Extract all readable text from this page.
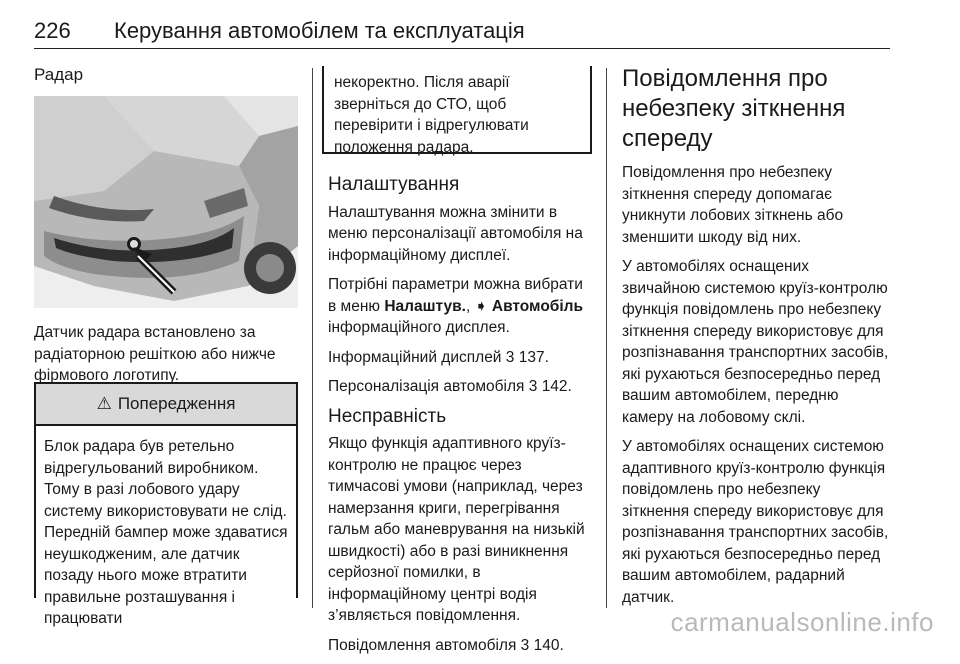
226 Керування автомобілем та експлуатація
Радар

Датчик радара встановлено за радіаторною решіткою або нижче фірмового логотипу.

⚠ Попередження
Блок радара був ретельно відрегульований виробником. Тому в разі лобового удару систему використовувати не слід. Передній бампер може здаватися неушкодженим, але датчик позаду нього може втратити правильне розташування і працювати
некоректно. Після аварії зверніться до СТО, щоб перевірити і відрегулювати положення радара.
Налаштування

Налаштування можна змінити в меню персоналізації автомобіля на інформаційному дисплеї.

Потрібні параметри можна вибрати в меню Налаштув., ➧ Автомобіль інформаційного дисплея.

Інформаційний дисплей 3 137.

Персоналізація автомобіля 3 142.

Несправність

Якщо функція адаптивного круїз-контролю не працює через тимчасові умови (наприклад, через намерзання криги, перегрівання гальм або маневрування на низькій швидкості) або в разі виникнення серйозної помилки, в інформаційному центрі водія з’являється повідомлення.

Повідомлення автомобіля 3 140.

Повідомлення про небезпеку зіткнення спереду

Повідомлення про небезпеку зіткнення спереду допомагає уникнути лобових зіткнень або зменшити шкоду від них.

У автомобілях оснащених звичайною системою круїз-контролю функція повідомлень про небезпеку зіткнення спереду використовує для розпізнавання транспортних засобів, які рухаються безпосередньо перед вашим автомобілем, передню камеру на лобовому склі.

У автомобілях оснащених системою адаптивного круїз-контролю функція повідомлень про небезпеку зіткнення спереду використовує для розпізнавання транспортних засобів, які рухаються безпосередньо перед вашим автомобілем, радарний датчик.

carmanualsonline.info
